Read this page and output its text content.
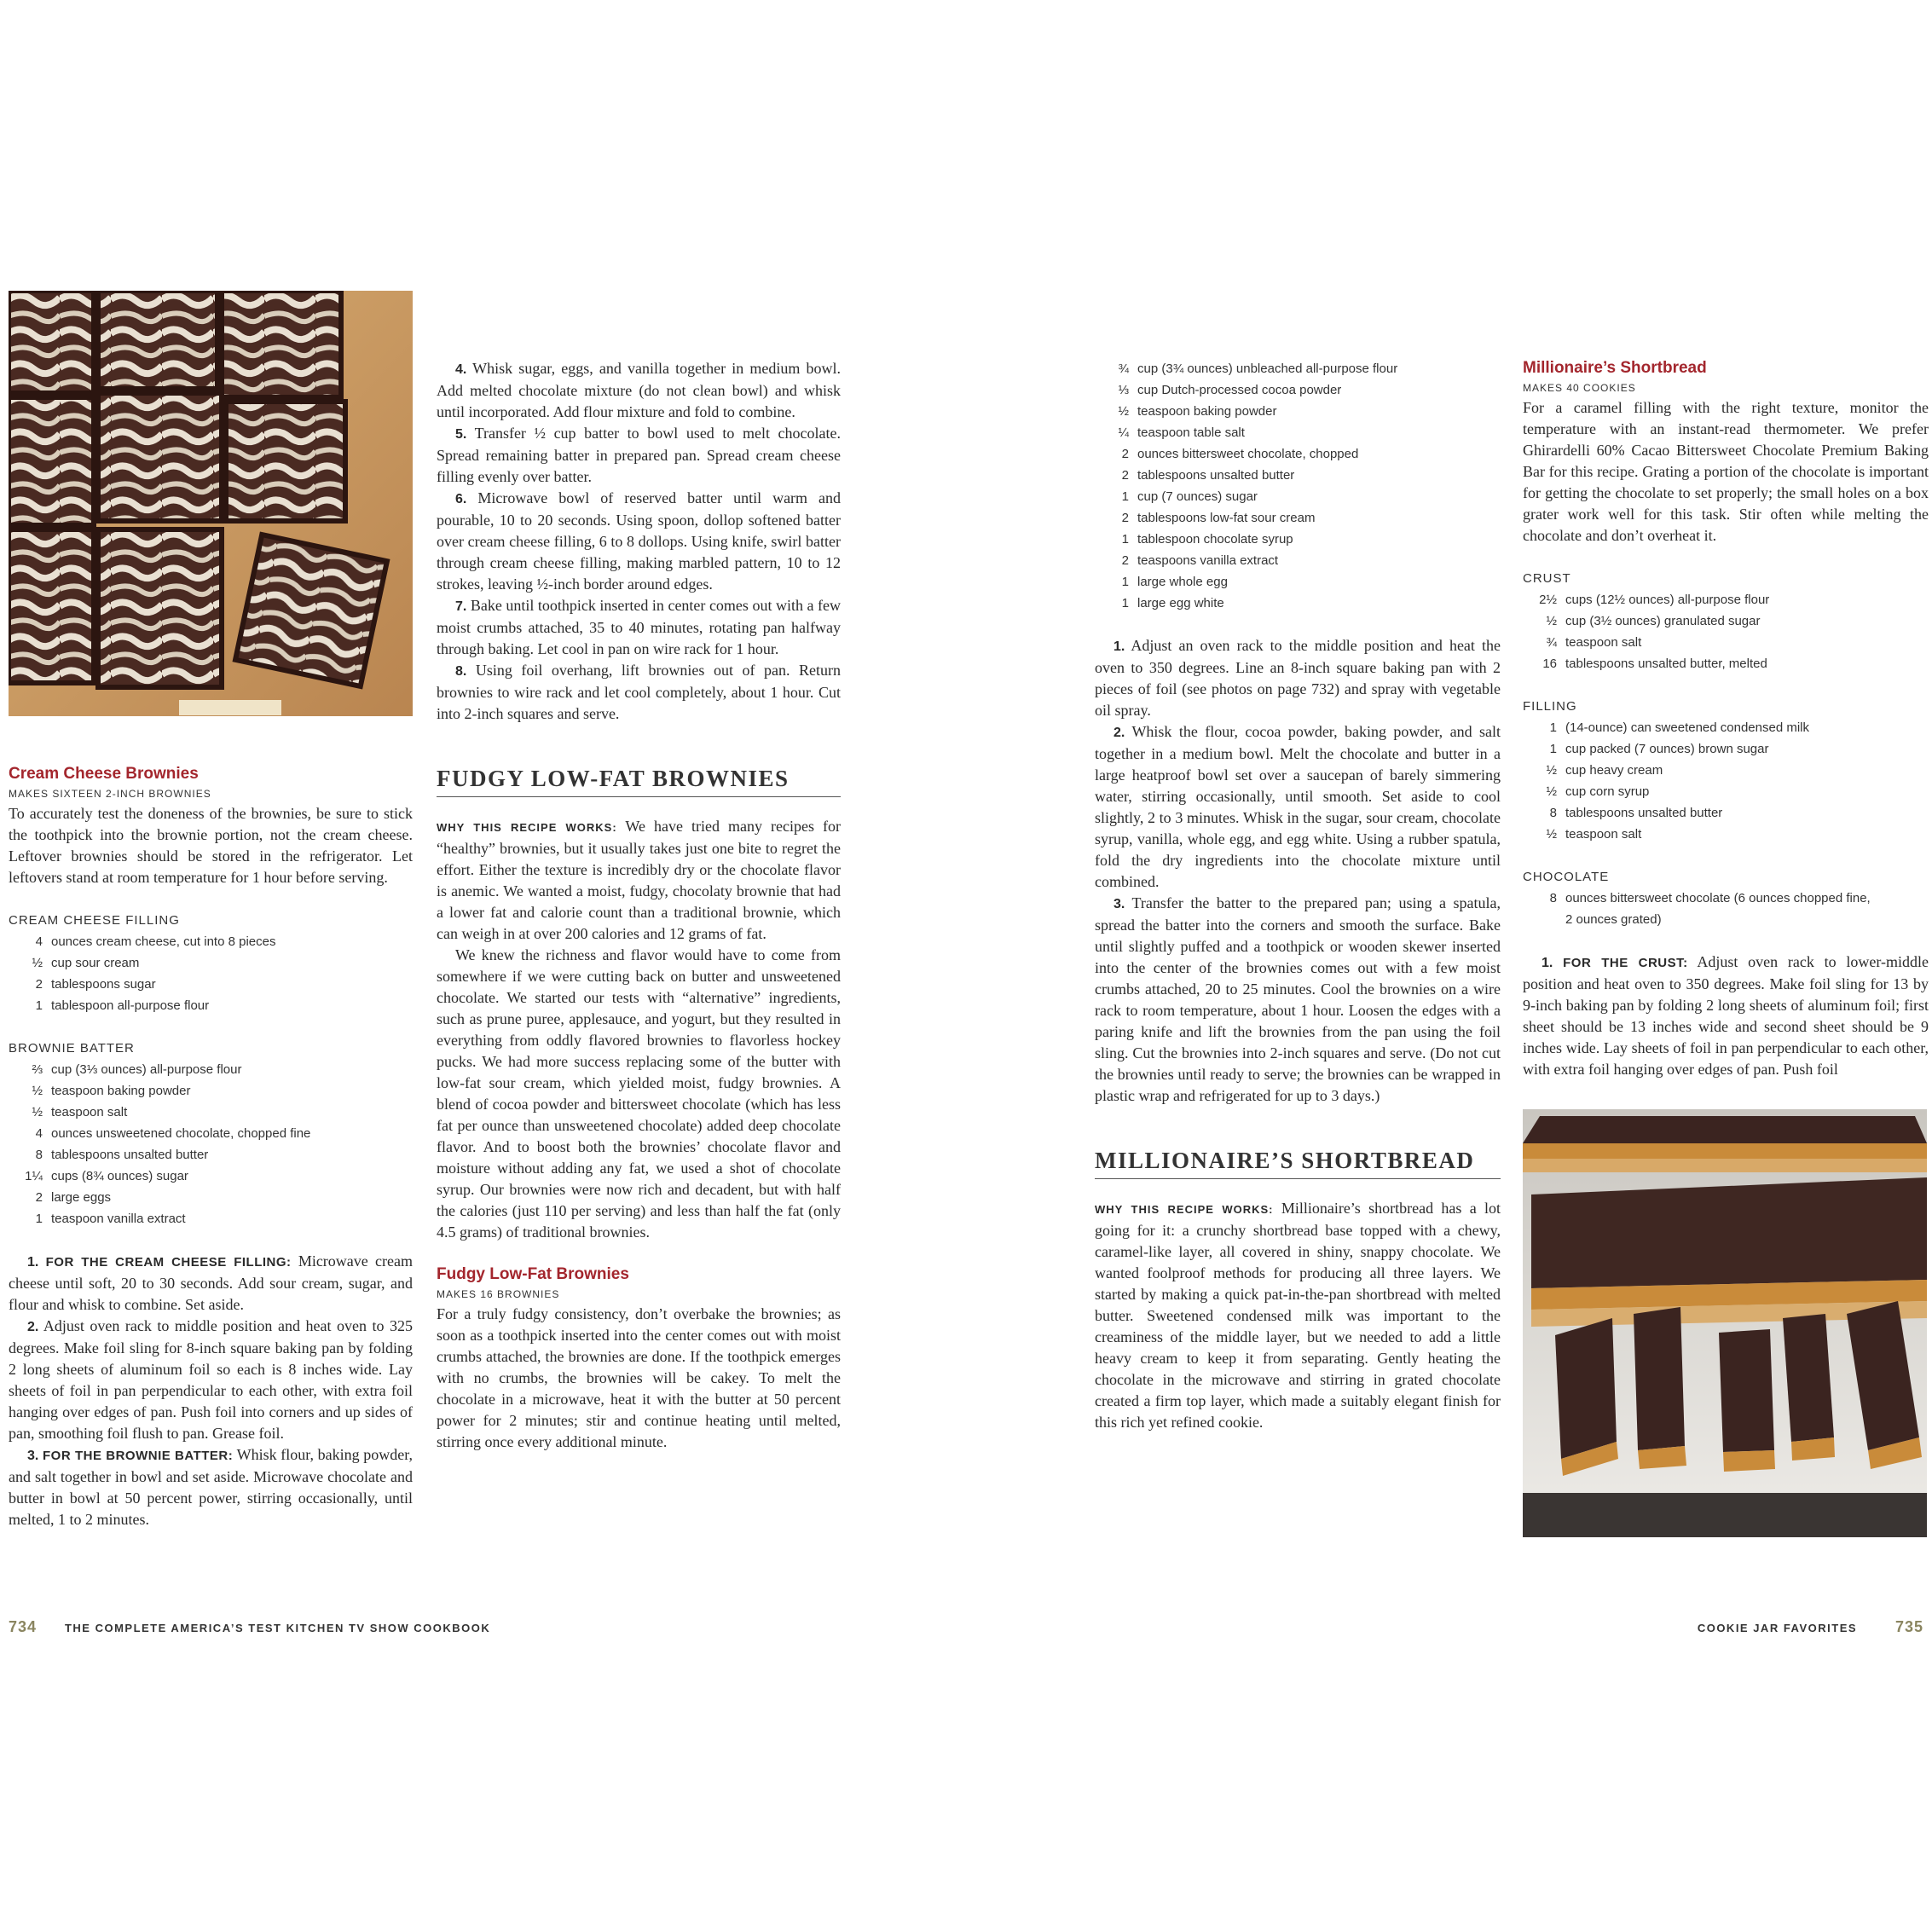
Cream Cheese Brownies

MAKES SIXTEEN 2-INCH BROWNIES

To accurately test the doneness of the brownies, be sure to stick the toothpick into the brownie portion, not the cream cheese. Leftover brownies should be stored in the refrigerator. Let leftovers stand at room temperature for 1 hour before serving.

CREAM CHEESE FILLING

4 ounces cream cheese, cut into 8 pieces
½ cup sour cream
2 tablespoons sugar
1 tablespoon all-purpose flour

BROWNIE BATTER

⅔ cup (3⅓ ounces) all-purpose flour
½ teaspoon baking powder
½ teaspoon salt
4 ounces unsweetened chocolate, chopped fine
8 tablespoons unsalted butter
1¼ cups (8¾ ounces) sugar
2 large eggs
1 teaspoon vanilla extract

1. FOR THE CREAM CHEESE FILLING: Microwave cream cheese until soft, 20 to 30 seconds. Add sour cream, sugar, and flour and whisk to combine. Set aside.

2. Adjust oven rack to middle position and heat oven to 325 degrees. Make foil sling for 8-inch square baking pan by folding 2 long sheets of aluminum foil so each is 8 inches wide. Lay sheets of foil in pan perpendicular to each other, with extra foil hanging over edges of pan. Push foil into corners and up sides of pan, smoothing foil flush to pan. Grease foil.

3. FOR THE BROWNIE BATTER: Whisk flour, baking powder, and salt together in bowl and set aside. Microwave chocolate and butter in bowl at 50 percent power, stirring occasionally, until melted, 1 to 2 minutes.

4. Whisk sugar, eggs, and vanilla together in medium bowl. Add melted chocolate mixture (do not clean bowl) and whisk until incorporated. Add flour mixture and fold to combine.

5. Transfer ½ cup batter to bowl used to melt chocolate. Spread remaining batter in prepared pan. Spread cream cheese filling evenly over batter.

6. Microwave bowl of reserved batter until warm and pourable, 10 to 20 seconds. Using spoon, dollop softened batter over cream cheese filling, 6 to 8 dollops. Using knife, swirl batter through cream cheese filling, making marbled pattern, 10 to 12 strokes, leaving ½-inch border around edges.

7. Bake until toothpick inserted in center comes out with a few moist crumbs attached, 35 to 40 minutes, rotating pan halfway through baking. Let cool in pan on wire rack for 1 hour.

8. Using foil overhang, lift brownies out of pan. Return brownies to wire rack and let cool completely, about 1 hour. Cut into 2-inch squares and serve.

FUDGY LOW-FAT BROWNIES

WHY THIS RECIPE WORKS: We have tried many recipes for “healthy” brownies, but it usually takes just one bite to regret the effort. Either the texture is incredibly dry or the chocolate flavor is anemic. We wanted a moist, fudgy, chocolaty brownie that had a lower fat and calorie count than a traditional brownie, which can weigh in at over 200 calories and 12 grams of fat.

We knew the richness and flavor would have to come from somewhere if we were cutting back on butter and unsweetened chocolate. We started our tests with “alternative” ingredients, such as prune puree, applesauce, and yogurt, but they resulted in everything from oddly flavored brownies to flavorless hockey pucks. We had more success replacing some of the butter with low-fat sour cream, which yielded moist, fudgy brownies. A blend of cocoa powder and bittersweet chocolate (which has less fat per ounce than unsweetened chocolate) added deep chocolate flavor. And to boost both the brownies’ chocolate flavor and moisture without adding any fat, we used a shot of chocolate syrup. Our brownies were now rich and decadent, but with half the calories (just 110 per serving) and less than half the fat (only 4.5 grams) of traditional brownies.

Fudgy Low-Fat Brownies

MAKES 16 BROWNIES

For a truly fudgy consistency, don’t overbake the brownies; as soon as a toothpick inserted into the center comes out with moist crumbs attached, the brownies are done. If the toothpick emerges with no crumbs, the brownies will be cakey. To melt the chocolate in a microwave, heat it with the butter at 50 percent power for 2 minutes; stir and continue heating until melted, stirring once every additional minute.

¾ cup (3¾ ounces) unbleached all-purpose flour
⅓ cup Dutch-processed cocoa powder
½ teaspoon baking powder
¼ teaspoon table salt
2 ounces bittersweet chocolate, chopped
2 tablespoons unsalted butter
1 cup (7 ounces) sugar
2 tablespoons low-fat sour cream
1 tablespoon chocolate syrup
2 teaspoons vanilla extract
1 large whole egg
1 large egg white

1. Adjust an oven rack to the middle position and heat the oven to 350 degrees. Line an 8-inch square baking pan with 2 pieces of foil (see photos on page 732) and spray with vegetable oil spray.

2. Whisk the flour, cocoa powder, baking powder, and salt together in a medium bowl. Melt the chocolate and butter in a large heatproof bowl set over a saucepan of barely simmering water, stirring occasionally, until smooth. Set aside to cool slightly, 2 to 3 minutes. Whisk in the sugar, sour cream, chocolate syrup, vanilla, whole egg, and egg white. Using a rubber spatula, fold the dry ingredients into the chocolate mixture until combined.

3. Transfer the batter to the prepared pan; using a spatula, spread the batter into the corners and smooth the surface. Bake until slightly puffed and a toothpick or wooden skewer inserted into the center of the brownies comes out with a few moist crumbs attached, 20 to 25 minutes. Cool the brownies on a wire rack to room temperature, about 1 hour. Loosen the edges with a paring knife and lift the brownies from the pan using the foil sling. Cut the brownies into 2-inch squares and serve. (Do not cut the brownies until ready to serve; the brownies can be wrapped in plastic wrap and refrigerated for up to 3 days.)

MILLIONAIRE’S SHORTBREAD

WHY THIS RECIPE WORKS: Millionaire’s shortbread has a lot going for it: a crunchy shortbread base topped with a chewy, caramel-like layer, all covered in shiny, snappy chocolate. We wanted foolproof methods for producing all three layers. We started by making a quick pat-in-the-pan shortbread with melted butter. Sweetened condensed milk was important to the creaminess of the middle layer, but we needed to add a little heavy cream to keep it from separating. Gently heating the chocolate in the microwave and stirring in grated chocolate created a firm top layer, which made a suitably elegant finish for this rich yet refined cookie.

Millionaire’s Shortbread

MAKES 40 COOKIES

For a caramel filling with the right texture, monitor the temperature with an instant-read thermometer. We prefer Ghirardelli 60% Cacao Bittersweet Chocolate Premium Baking Bar for this recipe. Grating a portion of the chocolate is important for getting the chocolate to set properly; the small holes on a box grater work well for this task. Stir often while melting the chocolate and don’t overheat it.

CRUST

2½ cups (12½ ounces) all-purpose flour
½ cup (3½ ounces) granulated sugar
¾ teaspoon salt
16 tablespoons unsalted butter, melted

FILLING

1 (14-ounce) can sweetened condensed milk
1 cup packed (7 ounces) brown sugar
½ cup heavy cream
½ cup corn syrup
8 tablespoons unsalted butter
½ teaspoon salt

CHOCOLATE

8 ounces bittersweet chocolate (6 ounces chopped fine,
2 ounces grated)

1. FOR THE CRUST: Adjust oven rack to lower-middle position and heat oven to 350 degrees. Make foil sling for 13 by 9-inch baking pan by folding 2 long sheets of aluminum foil; first sheet should be 13 inches wide and second sheet should be 9 inches wide. Lay sheets of foil in pan perpendicular to each other, with extra foil hanging over edges of pan. Push foil

734	THE COMPLETE AMERICA’S TEST KITCHEN TV SHOW COOKBOOK	COOKIE JAR FAVORITES 735
